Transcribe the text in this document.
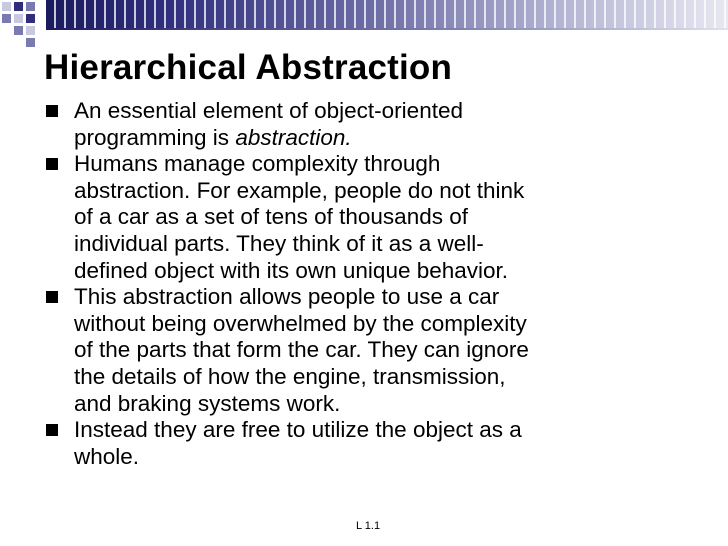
Hierarchical Abstraction
An essential element of object-oriented
programming is abstraction.
Humans manage complexity through
abstraction. For example, people do not think
of a car as a set of tens of thousands of
individual parts. They think of it as a well-
defined object with its own unique behavior.
This abstraction allows people to use a car
without being overwhelmed by the complexity
of the parts that form the car. They can ignore
the details of how the engine, transmission,
and braking systems work.
Instead they are free to utilize the object as a
whole.
L 1.1
